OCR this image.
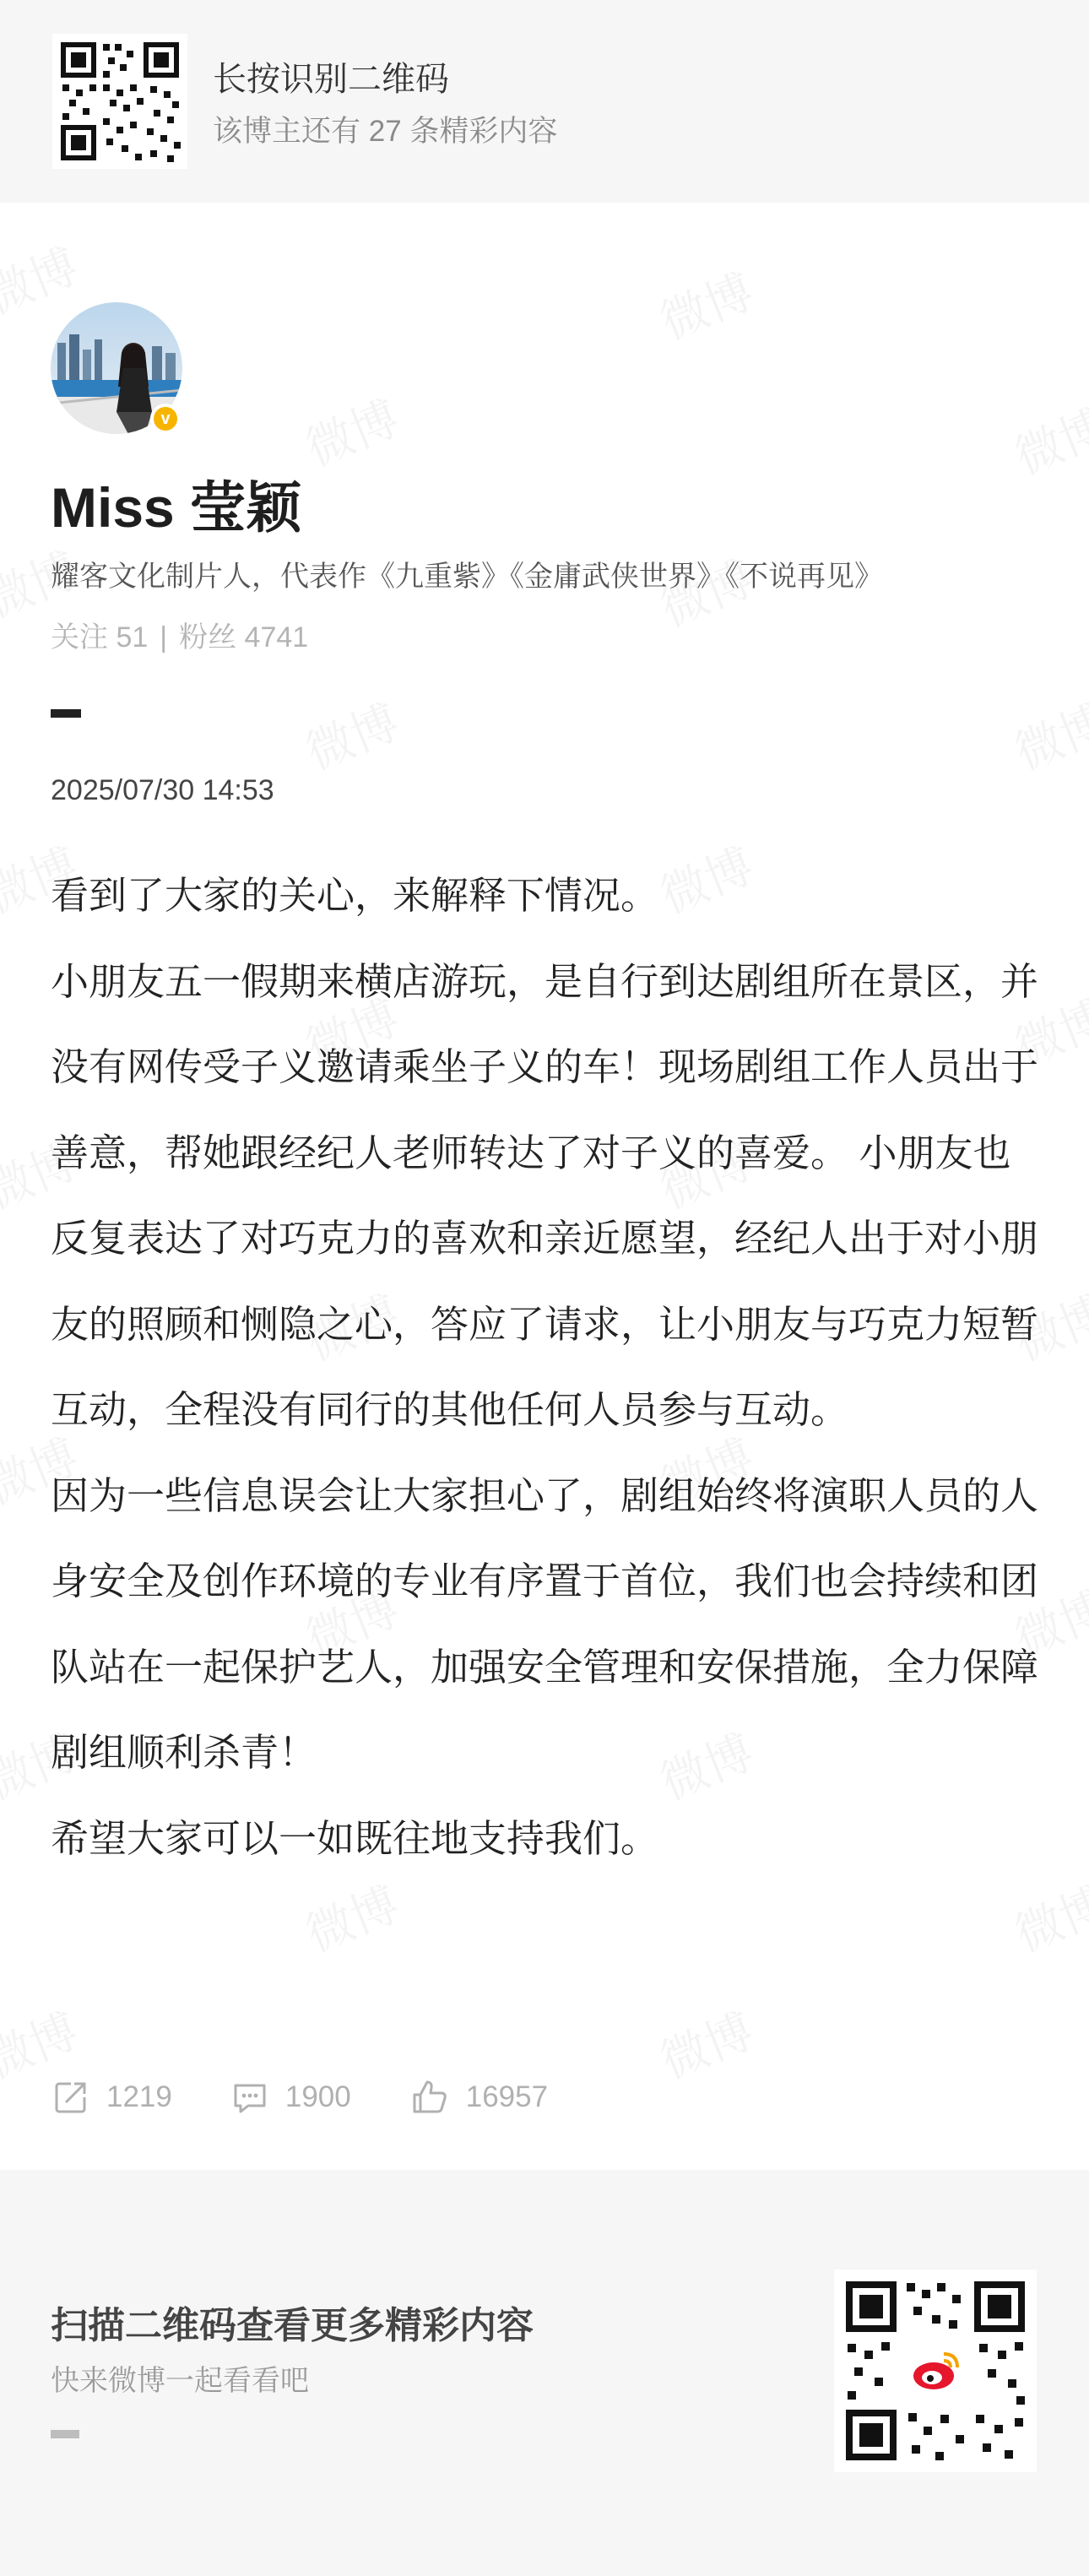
长按识别二维码
该博主还有 27 条精彩内容
v
Miss 莹颖
耀客文化制片人，代表作《九重紫》《金庸武侠世界》《不说再见》
关注 51 | 粉丝 4741
2025/07/30 14:53

看到了大家的关心，来解释下情况。

小朋友五一假期来横店游玩，是自行到达剧组所在景区，并没有网传受子义邀请乘坐子义的车！现场剧组工作人员出于善意，帮她跟经纪人老师转达了对子义的喜爱。 小朋友也反复表达了对巧克力的喜欢和亲近愿望，经纪人出于对小朋友的照顾和恻隐之心，答应了请求，让小朋友与巧克力短暂互动，全程没有同行的其他任何人员参与互动。

因为一些信息误会让大家担心了，剧组始终将演职人员的人身安全及创作环境的专业有序置于首位，我们也会持续和团队站在一起保护艺人，加强安全管理和安保措施，全力保障剧组顺利杀青！

希望大家可以一如既往地支持我们。

1219	1900	16957
扫描二维码查看更多精彩内容
快来微博一起看看吧
